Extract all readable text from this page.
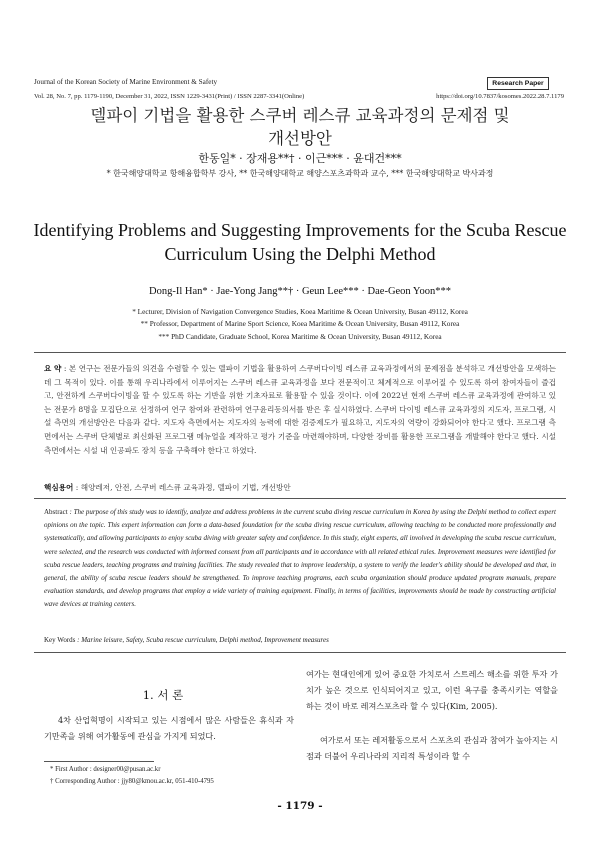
Journal of the Korean Society of Marine Environment & Safety	Research Paper
Vol. 28, No. 7, pp. 1179-1190, December 31, 2022, ISSN 1229-3431(Print) / ISSN 2287-3341(Online)	https://doi.org/10.7837/kosomes.2022.28.7.1179
델파이 기법을 활용한 스쿠버 레스큐 교육과정의 문제점 및
개선방안
한동일* · 장재용**† · 이근*** · 윤대건***
* 한국해양대학교 항해융합학부 강사, ** 한국해양대학교 해양스포츠과학과 교수, *** 한국해양대학교 박사과정
Identifying Problems and Suggesting Improvements for the Scuba Rescue
Curriculum Using the Delphi Method
Dong-Il Han* · Jae-Yong Jang**† · Geun Lee*** · Dae-Geon Yoon***
* Lecturer, Division of Navigation Convergence Studies, Koea Maritime & Ocean University, Busan 49112, Korea
** Professor, Department of Marine Sport Science, Koea Maritime & Ocean University, Busan 49112, Korea
*** PhD Candidate, Graduate School, Korea Maritime & Ocean University, Busan 49112, Korea
요 약 : 본 연구는 전문가들의 의견을 수렴할 수 있는 델파이 기법을 활용하여 스쿠버다이빙 레스큐 교육과정에서의 문제점을 분석하고 개선방안을 모색하는데 그 목적이 있다. 이를 통해 우리나라에서 이루어지는 스쿠버 레스큐 교육과정을 보다 전문적이고 체계적으로 이루어질 수 있도록 하여 참여자들이 즐겁고, 안전하게 스쿠버다이빙을 할 수 있도록 하는 기반을 위한 기초자료로 활용할 수 있을 것이다. 이에 2022년 현재 스쿠버 레스큐 교육과정에 관여하고 있는 전문가 8명을 모집단으로 선정하여 연구 참여와 관련하여 연구윤리동의서를 받은 후 실시하였다. 스쿠버 다이빙 레스큐 교육과정의 지도자, 프로그램, 시설 측면의 개선방안은 다음과 같다. 지도자 측면에서는 지도자의 능력에 대한 검증제도가 필요하고, 지도자의 역량이 강화되어야 한다고 했다. 프로그램 측면에서는 스쿠버 단체별로 최신화된 프로그램 메뉴얼을 제작하고 평가 기준을 마련해야하며, 다양한 장비를 활용한 프로그램을 개발해야 한다고 했다. 시설 측면에서는 시설 내 인공파도 장치 등을 구축해야 한다고 하였다.
핵심용어 : 해양레저, 안전, 스쿠버 레스큐 교육과정, 델파이 기법, 개선방안
Abstract : The purpose of this study was to identify, analyze and address problems in the current scuba diving rescue curriculum in Korea by using the Delphi method to collect expert opinions on the topic. This expert information can form a data-based foundation for the scuba diving rescue curriculum, allowing teaching to be conducted more professionally and systematically, and allowing participants to enjoy scuba diving with greater safety and confidence. In this study, eight experts, all involved in developing the scuba rescue curriculum, were selected, and the research was conducted with informed consent from all participants and in accordance with all related ethical rules. Improvement measures were identified for scuba rescue leaders, teaching programs and training facilities. The study revealed that to improve leadership, a system to verify the leader's ability should be developed and that, in general, the ability of scuba rescue leaders should be strengthened. To improve teaching programs, each scuba organization should produce updated program manuals, prepare evaluation standards, and develop programs that employ a wide variety of training equipment. Finally, in terms of facilities, improvements should be made by constructing artificial wave devices at training centers.
Key Words : Marine leisure, Safety, Scuba rescue curriculum, Delphi method, Improvement measures
1. 서 론
4차 산업혁명이 시작되고 있는 시점에서 많은 사람들은 휴식과 자기만족을 위해 여가활동에 관심을 가지게 되었다.
여가는 현대인에게 있어 중요한 가치로서 스트레스 해소를 위한 투자 가치가 높은 것으로 인식되어지고 있고, 이런 욕구를 충족시키는 역할을 하는 것이 바로 레져스포츠라 할 수 있다(Kim, 2005).
여가로서 또는 레저활동으로서 스포츠의 관심과 참여가 높아지는 시점과 더불어 우리나라의 지리적 특성이라 할 수
* First Author : designer00@pusan.ac.kr
† Corresponding Author : jjy80@kmou.ac.kr, 051-410-4795
- 1179 -
